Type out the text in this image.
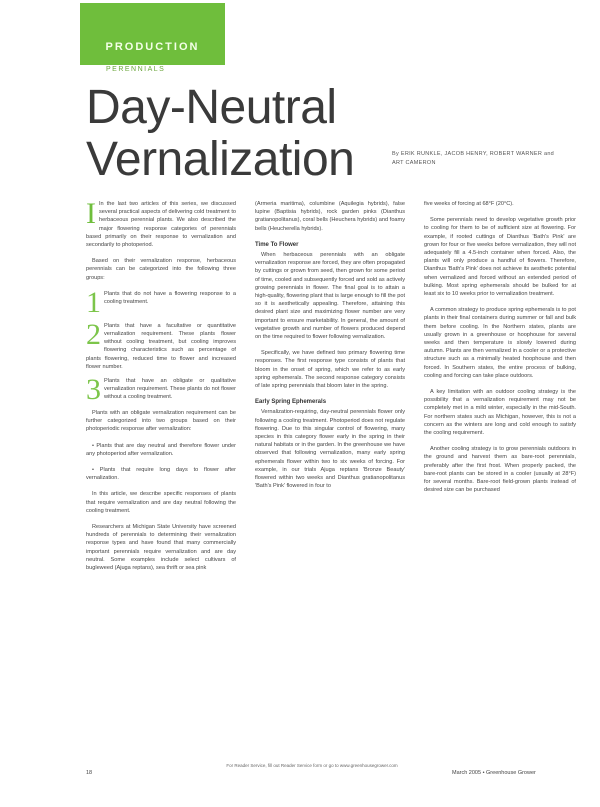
PRODUCTION
PERENNIALS
Day-Neutral
Vernalization	By ERIK RUNKLE, JACOB HENRY, ROBERT WARNER and ART CAMERON

I In the last two articles of this series, we discussed several practical aspects of delivering cold treatment to herbaceous perennial plants. We also described the major flowering response categories of perennials based primarily on their response to vernalization and secondarily to photoperiod.

Based on their vernalization response, herbaceous perennials can be categorized into the following three groups:

1 Plants that do not have a flowering response to a cooling treatment.
2 Plants that have a facultative or quantitative vernalization requirement. These plants flower without cooling treatment, but cooling improves flowering characteristics such as percentage of plants flowering, reduced time to flower and increased flower number.
3 Plants that have an obligate or qualitative vernalization requirement. These plants do not flower without a cooling treatment.

Plants with an obligate vernalization requirement can be further categorized into two groups based on their photoperiodic response after vernalization:

• Plants that are day neutral and therefore flower under any photoperiod after vernalization.

• Plants that require long days to flower after vernalization.

In this article, we describe specific responses of plants that require vernalization and are day neutral following the cooling treatment.

Researchers at Michigan State University have screened hundreds of perennials to determining their vernalization response types and have found that many commercially important perennials require vernalization and are day neutral. Some examples include select cultivars of bugleweed (Ajuga reptans), sea thrift or sea pink

(Armeria maritima), columbine (Aquilegia hybrids), false lupine (Baptisia hybrids), rock garden pinks (Dianthus gratianopolitanus), coral bells (Heuchera hybrids) and foamy bells (Heucherella hybrids).

Time To Flower

When herbaceous perennials with an obligate vernalization response are forced, they are often propagated by cuttings or grown from seed, then grown for some period of time, cooled and subsequently forced and sold as actively growing perennials in flower. The final goal is to attain a high-quality, flowering plant that is large enough to fill the pot so it is aesthetically appealing. Therefore, attaining this desired plant size and maximizing flower number are very important to ensure marketability. In general, the amount of vegetative growth and number of flowers produced depend on the time required to flower following vernalization.

Specifically, we have defined two primary flowering time responses. The first response type consists of plants that bloom in the onset of spring, which we refer to as early spring ephemerals. The second response category consists of late spring perennials that bloom later in the spring.

Early Spring Ephemerals

Vernalization-requiring, day-neutral perennials flower only following a cooling treatment. Photoperiod does not regulate flowering. Due to this singular control of flowering, many species in this category flower early in the spring in their natural habitats or in the garden. In the greenhouse we have observed that following vernalization, many early spring ephemerals flower within two to six weeks of forcing. For example, in our trials Ajuga reptans 'Bronze Beauty' flowered within two weeks and Dianthus gratianopolitanus 'Bath's Pink' flowered in four to

five weeks of forcing at 68°F (20°C).

Some perennials need to develop vegetative growth prior to cooling for them to be of sufficient size at flowering. For example, if rooted cuttings of Dianthus 'Bath's Pink' are grown for four or five weeks before vernalization, they will not adequately fill a 4.5-inch container when forced. Also, the plants will only produce a handful of flowers. Therefore, Dianthus 'Bath's Pink' does not achieve its aesthetic potential when vernalized and forced without an extended period of bulking. Most spring ephemerals should be bulked for at least six to 10 weeks prior to vernalization treatment.

A common strategy to produce spring ephemerals is to pot plants in their final containers during summer or fall and bulk them before cooling. In the Northern states, plants are usually grown in a greenhouse or hoophouse for several weeks and then temperature is slowly lowered during autumn. Plants are then vernalized in a cooler or a protective structure such as a minimally heated hoophouse and then forced. In Southern states, the entire process of bulking, cooling and forcing can take place outdoors.

A key limitation with an outdoor cooling strategy is the possibility that a vernalization requirement may not be completely met in a mild winter, especially in the mid-South. For northern states such as Michigan, however, this is not a concern as the winters are long and cold enough to satisfy the cooling requirement.

Another cooling strategy is to grow perennials outdoors in the ground and harvest them as bare-root perennials, preferably after the first frost. When properly packed, the bare-root plants can be stored in a cooler (usually at 28°F) for several months. Bare-root field-grown plants instead of desired size can be purchased

18
For Reader Service, fill out Reader Service form or go to www.greenhousegrower.com
March 2005 • Greenhouse Grower
